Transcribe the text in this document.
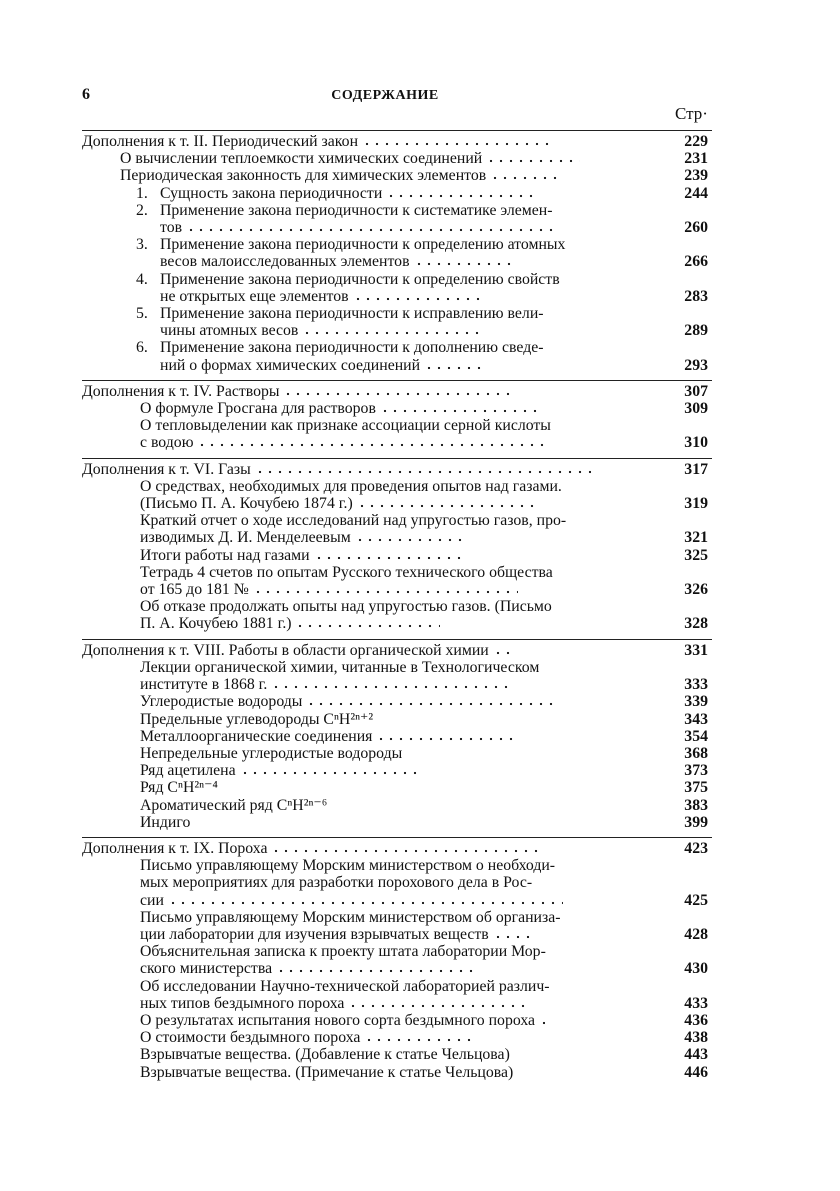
6	СОДЕРЖАНИЕ
Стр·
Дополнения к т. II. Периодический закон	229
О вычислении теплоемкости химических соединений	231
Периодическая законность для химических элементов	239
1. Сущность закона периодичности	244
2. Применение закона периодичности к систематике элемен-
тов	260
3. Применение закона периодичности к определению атомных
весов малоисследованных элементов	266
4. Применение закона периодичности к определению свойств
не открытых еще элементов	283
5. Применение закона периодичности к исправлению вели-
чины атомных весов	289
6. Применение закона периодичности к дополнению сведе-
ний о формах химических соединений	293
Дополнения к т. IV. Растворы	307
О формуле Гросгана для растворов	309
О тепловыделении как признаке ассоциации серной кислоты
с водою	310
Дополнения к т. VI. Газы	317
О средствах, необходимых для проведения опытов над газами.
(Письмо П. А. Кочубею 1874 г.)	319
Краткий отчет о ходе исследований над упругостью газов, про-
изводимых Д. И. Менделеевым	321
Итоги работы над газами	325
Тетрадь 4 счетов по опытам Русского технического общества
от 165 до 181 №	326
Об отказе продолжать опыты над упругостью газов. (Письмо
П. А. Кочубею 1881 г.)	328
Дополнения к т. VIII. Работы в области органической химии	331
Лекции органической химии, читанные в Технологическом
институте в 1868 г.	333
Углеродистые водороды	339
Предельные углеводороды CⁿH²ⁿ⁺²	343
Металлоорганические соединения	354
Непредельные углеродистые водороды	368
Ряд ацетилена	373
Ряд CⁿH²ⁿ⁻⁴	375
Ароматический ряд CⁿH²ⁿ⁻⁶	383
Индиго	399
Дополнения к т. IX. Пороха	423
Письмо управляющему Морским министерством о необходи-
мых мероприятиях для разработки порохового дела в Рос-
сии	425
Письмо управляющему Морским министерством об организа-
ции лаборатории для изучения взрывчатых веществ	428
Объяснительная записка к проекту штата лаборатории Мор-
ского министерства	430
Об исследовании Научно-технической лабораторией различ-
ных типов бездымного пороха	433
О результатах испытания нового сорта бездымного пороха	436
О стоимости бездымного пороха	438
Взрывчатые вещества. (Добавление к статье Чельцова)	443
Взрывчатые вещества. (Примечание к статье Чельцова)	446
